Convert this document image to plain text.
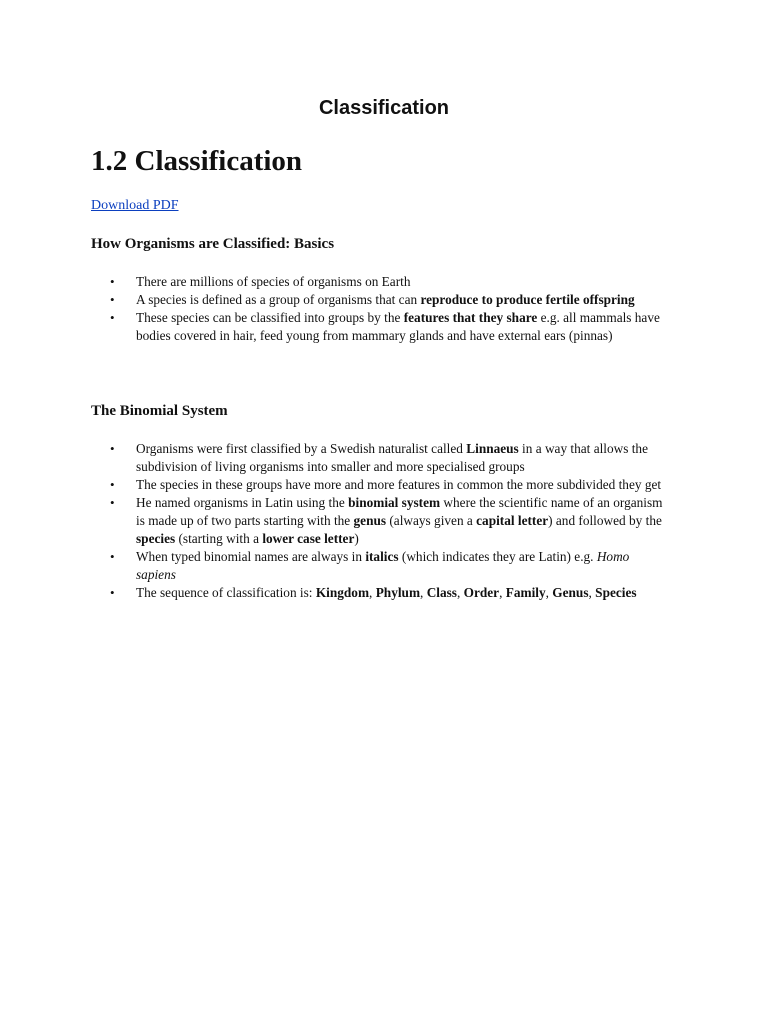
Classification
1.2 Classification
Download PDF
How Organisms are Classified: Basics
•	There are millions of species of organisms on Earth
•	A species is defined as a group of organisms that can reproduce to produce fertile offspring
•	These species can be classified into groups by the features that they share e.g. all mammals have bodies covered in hair, feed young from mammary glands and have external ears (pinnas)
The Binomial System
•	Organisms were first classified by a Swedish naturalist called Linnaeus in a way that allows the subdivision of living organisms into smaller and more specialised groups
•	The species in these groups have more and more features in common the more subdivided they get
•	He named organisms in Latin using the binomial system where the scientific name of an organism is made up of two parts starting with the genus (always given a capital letter) and followed by the species (starting with a lower case letter)
•	When typed binomial names are always in italics (which indicates they are Latin) e.g. Homo sapiens
•	The sequence of classification is: Kingdom, Phylum, Class, Order, Family, Genus, Species
